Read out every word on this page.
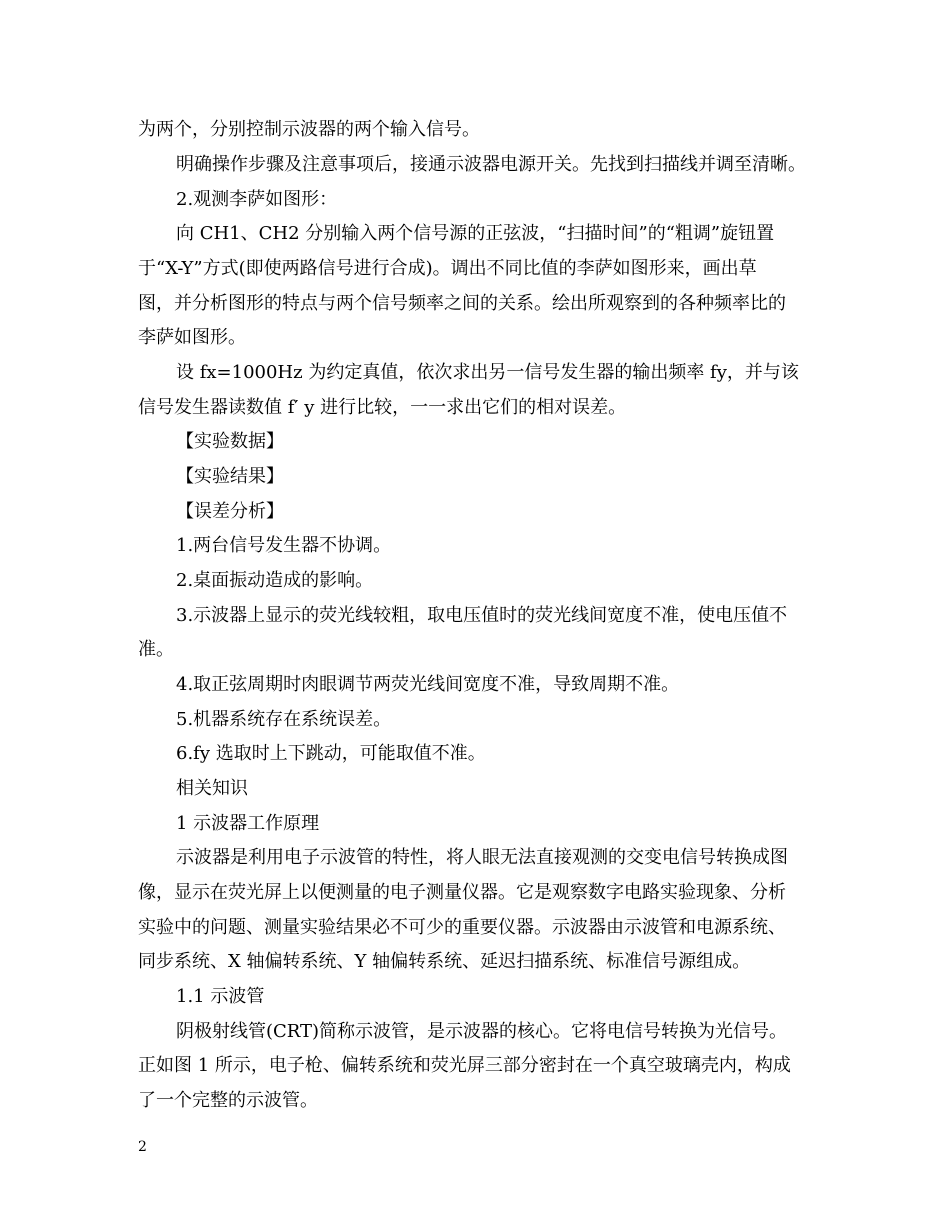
为两个，分别控制示波器的两个输入信号。
明确操作步骤及注意事项后，接通示波器电源开关。先找到扫描线并调至清晰。
2.观测李萨如图形：
向 CH1、CH2 分别输入两个信号源的正弦波，“扫描时间”的“粗调”旋钮置
于“X-Y”方式(即使两路信号进行合成)。调出不同比值的李萨如图形来，画出草
图，并分析图形的特点与两个信号频率之间的关系。绘出所观察到的各种频率比的
李萨如图形。
设 fx=1000Hz 为约定真值，依次求出另一信号发生器的输出频率 fy，并与该
信号发生器读数值 f′ y 进行比较，一一求出它们的相对误差。
【实验数据】
【实验结果】
【误差分析】
1.两台信号发生器不协调。
2.桌面振动造成的影响。
3.示波器上显示的荧光线较粗，取电压值时的荧光线间宽度不准，使电压值不
准。
4.取正弦周期时肉眼调节两荧光线间宽度不准，导致周期不准。
5.机器系统存在系统误差。
6.fy 选取时上下跳动，可能取值不准。
相关知识
1 示波器工作原理
示波器是利用电子示波管的特性，将人眼无法直接观测的交变电信号转换成图
像，显示在荧光屏上以便测量的电子测量仪器。它是观察数字电路实验现象、分析
实验中的问题、测量实验结果必不可少的重要仪器。示波器由示波管和电源系统、
同步系统、X 轴偏转系统、Y 轴偏转系统、延迟扫描系统、标准信号源组成。
1.1 示波管
阴极射线管(CRT)简称示波管，是示波器的核心。它将电信号转换为光信号。
正如图 1 所示，电子枪、偏转系统和荧光屏三部分密封在一个真空玻璃壳内，构成
了一个完整的示波管。
2
